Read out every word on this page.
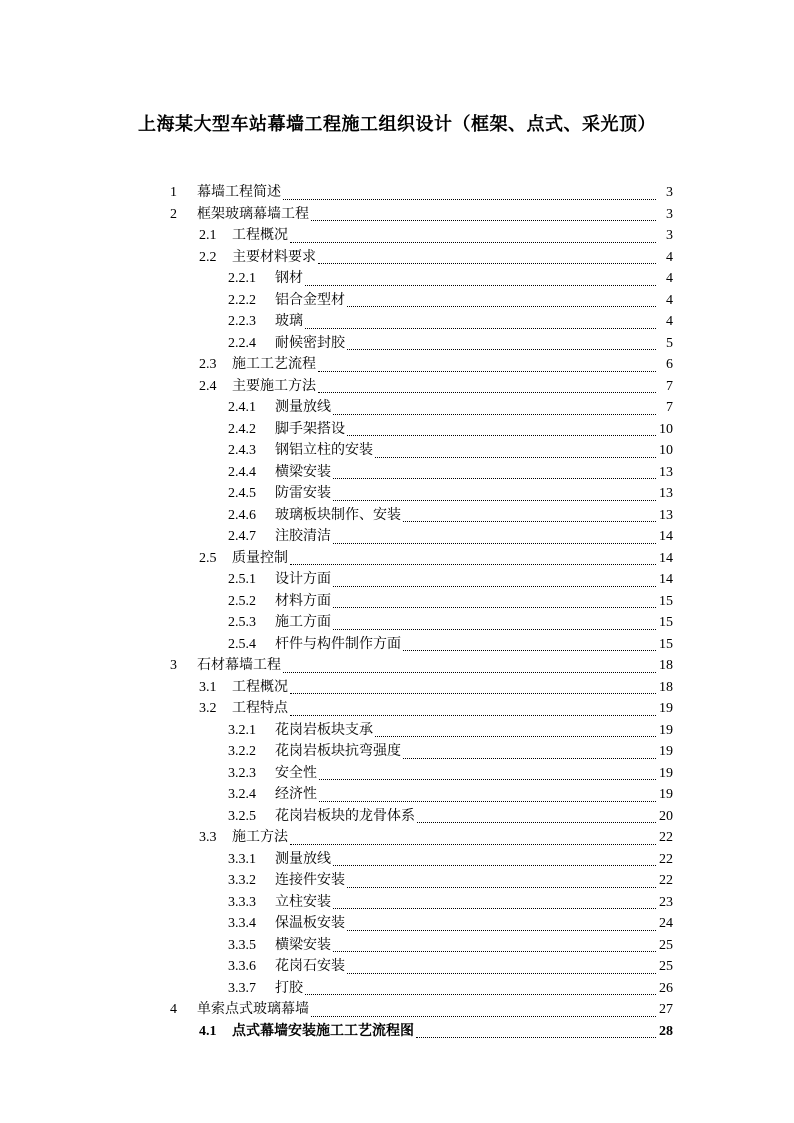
上海某大型车站幕墙工程施工组织设计（框架、点式、采光顶）
1	幕墙工程简述	3
2	框架玻璃幕墙工程	3
2.1	工程概况	3
2.2	主要材料要求	4
2.2.1	钢材	4
2.2.2	铝合金型材	4
2.2.3	玻璃	4
2.2.4	耐候密封胶	5
2.3	施工工艺流程	6
2.4	主要施工方法	7
2.4.1	测量放线	7
2.4.2	脚手架搭设	10
2.4.3	钢铝立柱的安装	10
2.4.4	横梁安装	13
2.4.5	防雷安装	13
2.4.6	玻璃板块制作、安装	13
2.4.7	注胶清洁	14
2.5	质量控制	14
2.5.1	设计方面	14
2.5.2	材料方面	15
2.5.3	施工方面	15
2.5.4	杆件与构件制作方面	15
3	石材幕墙工程	18
3.1	工程概况	18
3.2	工程特点	19
3.2.1	花岗岩板块支承	19
3.2.2	花岗岩板块抗弯强度	19
3.2.3	安全性	19
3.2.4	经济性	19
3.2.5	花岗岩板块的龙骨体系	20
3.3	施工方法	22
3.3.1	测量放线	22
3.3.2	连接件安装	22
3.3.3	立柱安装	23
3.3.4	保温板安装	24
3.3.5	横梁安装	25
3.3.6	花岗石安装	25
3.3.7	打胶	26
4	单索点式玻璃幕墙	27
4.1	点式幕墙安装施工工艺流程图	28
